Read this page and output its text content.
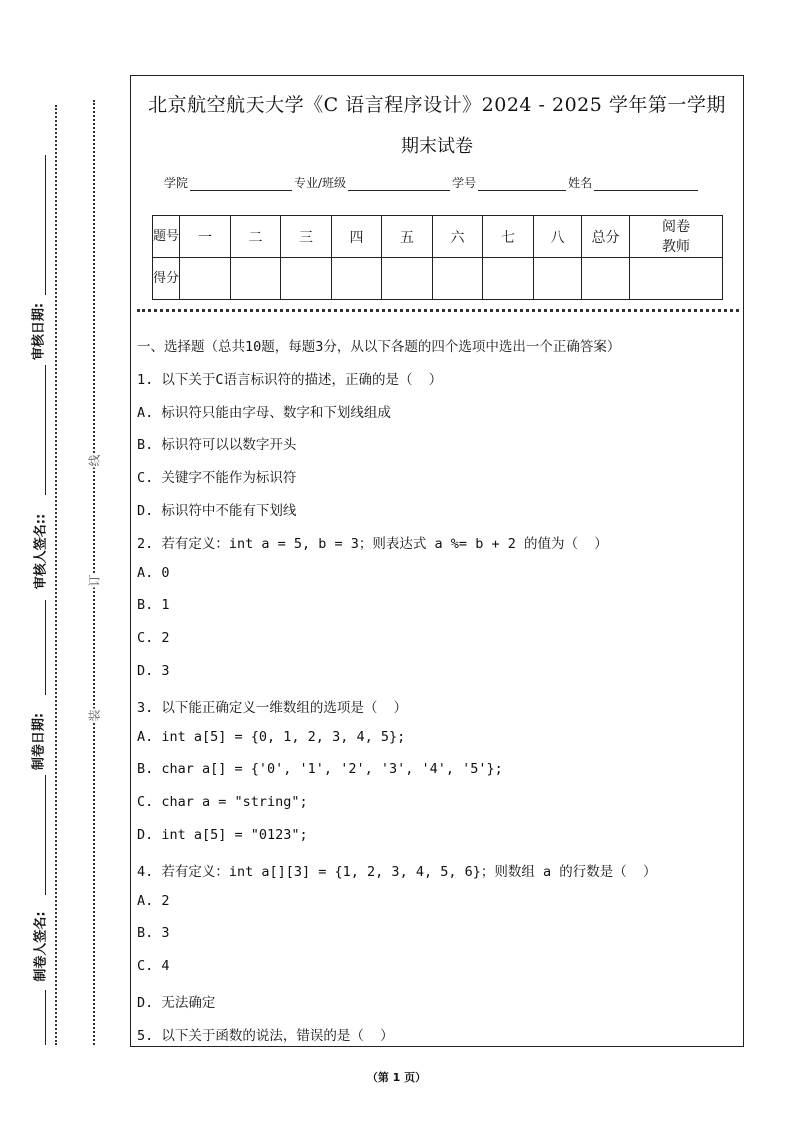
审核日期:
审核人签名::
制卷日期:
制卷人签名:
线
订
装
北京航空航天大学《C 语言程序设计》2024 - 2025 学年第一学期
期末试卷
学院	专业/班级	学号	姓名
题号	一	二	三	四	五	六	七	八	总分	阅卷教师
得分										
一、选择题（总共10题，每题3分，从以下各题的四个选项中选出一个正确答案）
1. 以下关于C语言标识符的描述，正确的是（  ）
A. 标识符只能由字母、数字和下划线组成
B. 标识符可以以数字开头
C. 关键字不能作为标识符
D. 标识符中不能有下划线
2. 若有定义：int a = 5, b = 3；则表达式 a %= b + 2 的值为（  ）
A. 0
B. 1
C. 2
D. 3
3. 以下能正确定义一维数组的选项是（  ）
A. int a[5] = {0, 1, 2, 3, 4, 5};
B. char a[] = {'0', '1', '2', '3', '4', '5'};
C. char a = "string";
D. int a[5] = "0123";
4. 若有定义：int a[][3] = {1, 2, 3, 4, 5, 6}；则数组 a 的行数是（  ）
A. 2
B. 3
C. 4
D. 无法确定
5. 以下关于函数的说法，错误的是（  ）
（第 1 页）
